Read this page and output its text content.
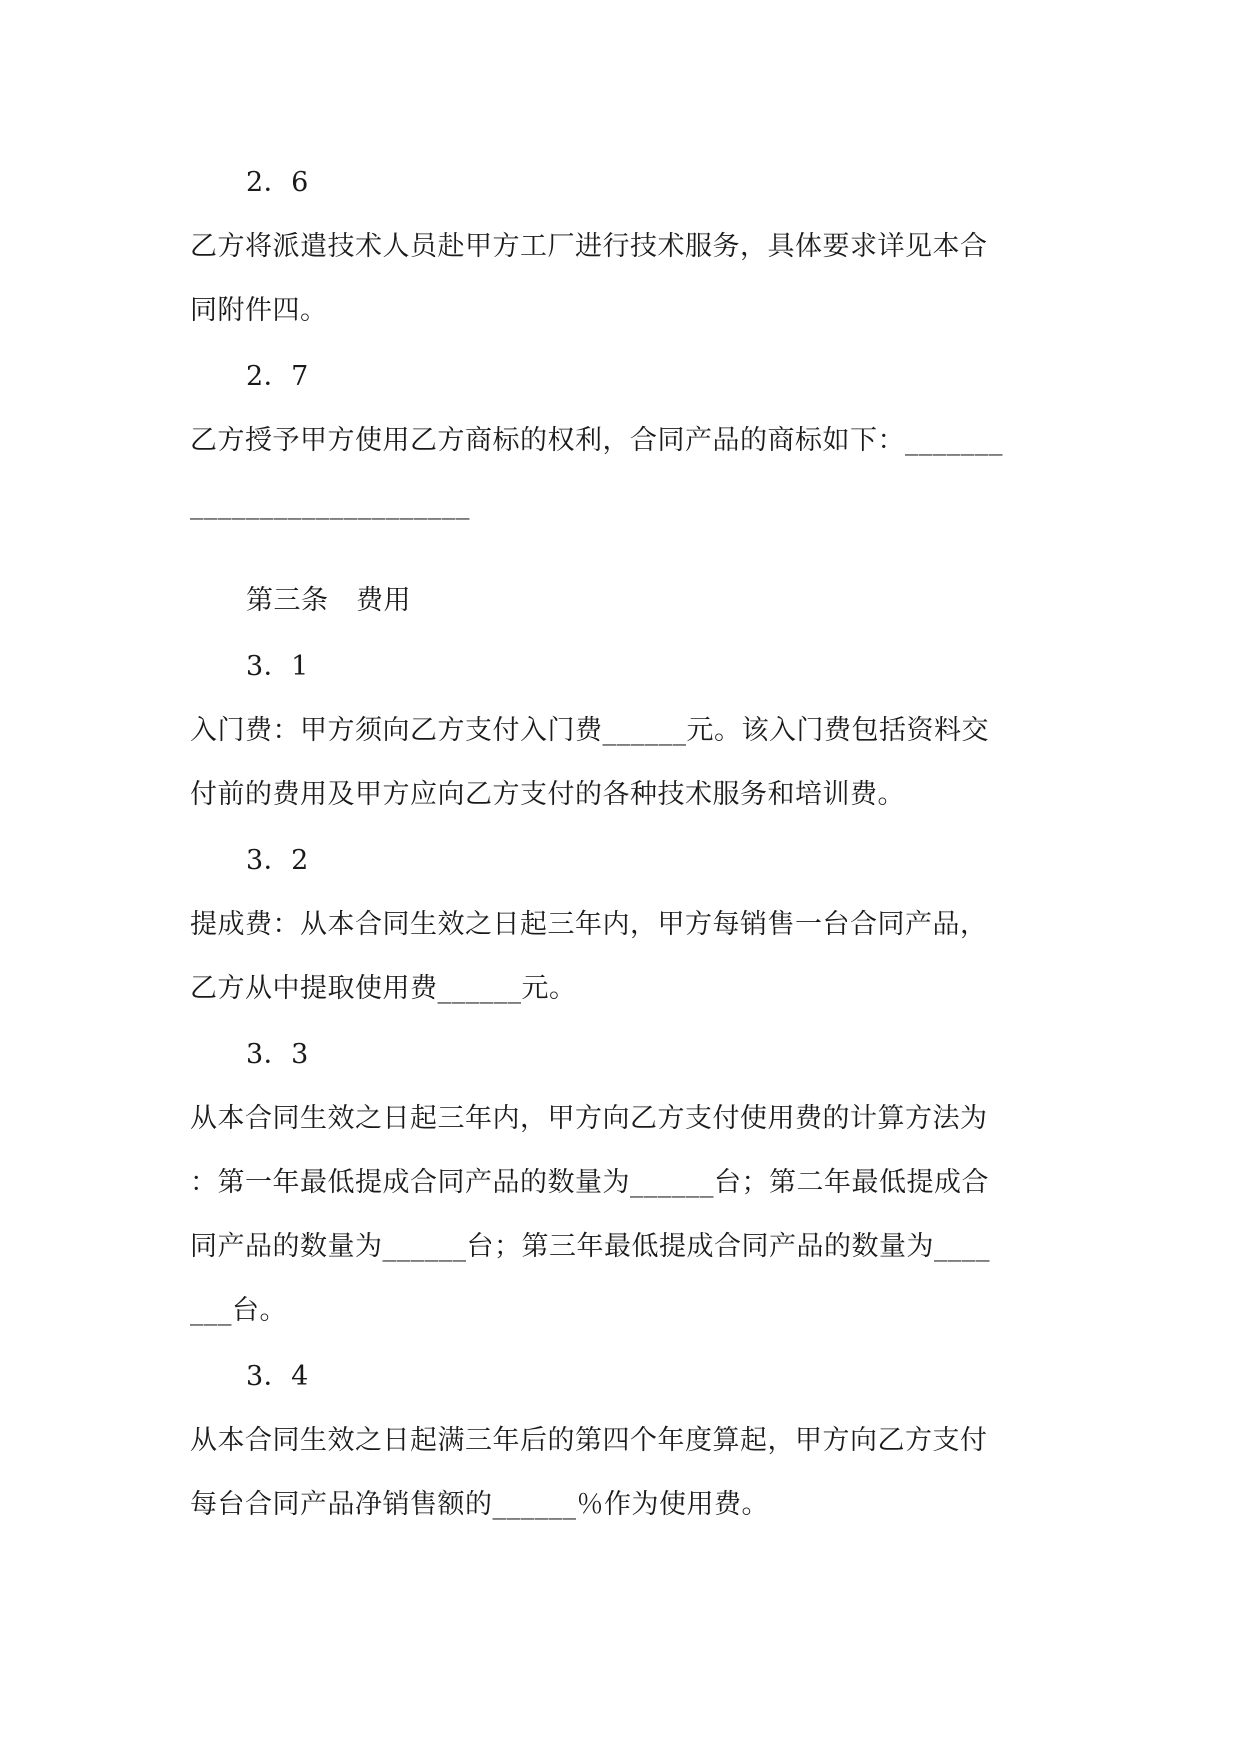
2．6
乙方将派遣技术人员赴甲方工厂进行技术服务，具体要求详见本合
同附件四。
2．7
乙方授予甲方使用乙方商标的权利，合同产品的商标如下：_______
____________________
第三条　费用
3．1
入门费：甲方须向乙方支付入门费______元。该入门费包括资料交
付前的费用及甲方应向乙方支付的各种技术服务和培训费。
3．2
提成费：从本合同生效之日起三年内，甲方每销售一台合同产品，
乙方从中提取使用费______元。
3．3
从本合同生效之日起三年内，甲方向乙方支付使用费的计算方法为
：第一年最低提成合同产品的数量为______台；第二年最低提成合
同产品的数量为______台；第三年最低提成合同产品的数量为____
___台。
3．4
从本合同生效之日起满三年后的第四个年度算起，甲方向乙方支付
每台合同产品净销售额的______％作为使用费。
